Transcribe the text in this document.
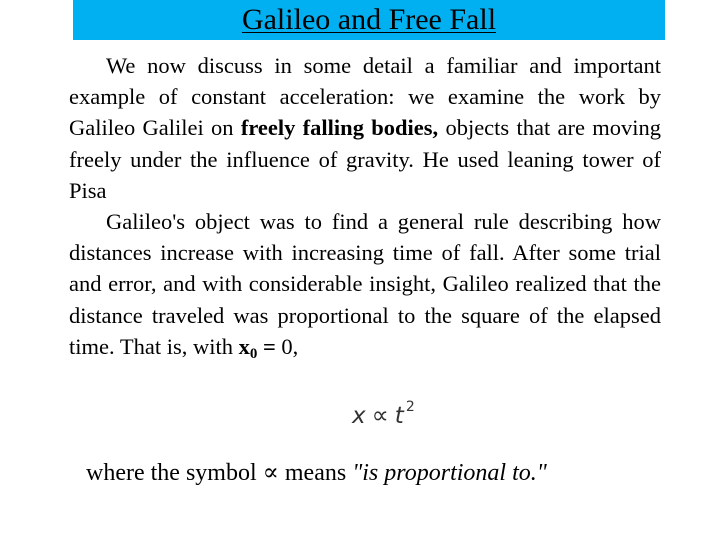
Galileo and Free Fall

We now discuss in some detail a familiar and important example of constant acceleration: we examine the work by Galileo Galilei on freely falling bodies, objects that are moving freely under the influence of gravity. He used leaning tower of Pisa

Galileo's object was to find a general rule describing how distances increase with increasing time of fall. After some trial and error, and with considerable insight, Galileo realized that the distance traveled was proportional to the square of the elapsed time. That is, with $x_0 = 0$,

x ∝ t $^2$
where the symbol ∝ means "is proportional to."
